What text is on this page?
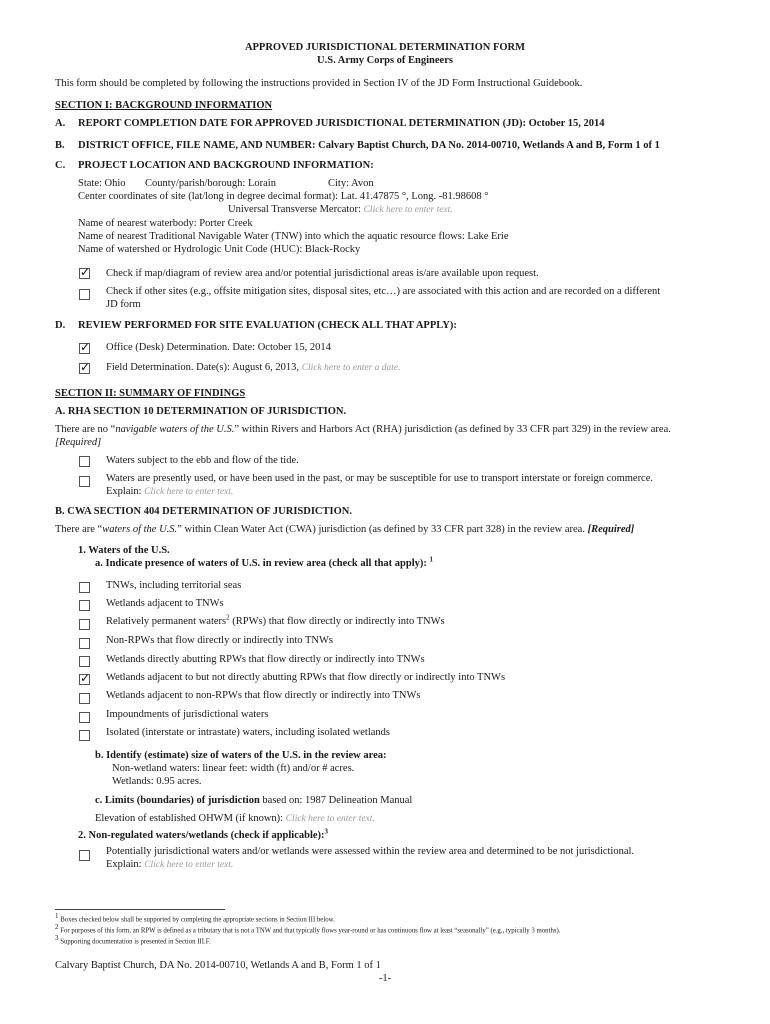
APPROVED JURISDICTIONAL DETERMINATION FORM
U.S. Army Corps of Engineers
This form should be completed by following the instructions provided in Section IV of the JD Form Instructional Guidebook.
SECTION I: BACKGROUND INFORMATION
A. REPORT COMPLETION DATE FOR APPROVED JURISDICTIONAL DETERMINATION (JD): October 15, 2014
B. DISTRICT OFFICE, FILE NAME, AND NUMBER: Calvary Baptist Church, DA No. 2014-00710, Wetlands A and B, Form 1 of 1
C. PROJECT LOCATION AND BACKGROUND INFORMATION:
State: Ohio County/parish/borough: Lorain	City: Avon
Center coordinates of site (lat/long in degree decimal format): Lat. 41.47875 °, Long. -81.98608 °
Universal Transverse Mercator: Click here to enter text.
Name of nearest waterbody: Porter Creek
Name of nearest Traditional Navigable Water (TNW) into which the aquatic resource flows: Lake Erie
Name of watershed or Hydrologic Unit Code (HUC): Black-Rocky
✓ Check if map/diagram of review area and/or potential jurisdictional areas is/are available upon request.
Check if other sites (e.g., offsite mitigation sites, disposal sites, etc…) are associated with this action and are recorded on a different
JD form
D. REVIEW PERFORMED FOR SITE EVALUATION (CHECK ALL THAT APPLY):
✓ Office (Desk) Determination. Date: October 15, 2014
✓ Field Determination. Date(s): August 6, 2013, Click here to enter a date.
SECTION II: SUMMARY OF FINDINGS
A. RHA SECTION 10 DETERMINATION OF JURISDICTION.
There are no “navigable waters of the U.S.” within Rivers and Harbors Act (RHA) jurisdiction (as defined by 33 CFR part 329) in the review area.
[Required]
Waters subject to the ebb and flow of the tide.
Waters are presently used, or have been used in the past, or may be susceptible for use to transport interstate or foreign commerce.
Explain: Click here to enter text.
B. CWA SECTION 404 DETERMINATION OF JURISDICTION.
There are “waters of the U.S.” within Clean Water Act (CWA) jurisdiction (as defined by 33 CFR part 328) in the review area. [Required]
1. Waters of the U.S.
a. Indicate presence of waters of U.S. in review area (check all that apply): $^1$
TNWs, including territorial seas
Wetlands adjacent to TNWs
Relatively permanent waters$^2$ (RPWs) that flow directly or indirectly into TNWs
Non-RPWs that flow directly or indirectly into TNWs
Wetlands directly abutting RPWs that flow directly or indirectly into TNWs
✓ Wetlands adjacent to but not directly abutting RPWs that flow directly or indirectly into TNWs
Wetlands adjacent to non-RPWs that flow directly or indirectly into TNWs
Impoundments of jurisdictional waters
Isolated (interstate or intrastate) waters, including isolated wetlands
b. Identify (estimate) size of waters of the U.S. in the review area:
Non-wetland waters: linear feet: width (ft) and/or # acres.
Wetlands: 0.95 acres.
c. Limits (boundaries) of jurisdiction based on: 1987 Delineation Manual
Elevation of established OHWM (if known): Click here to enter text.
2. Non-regulated waters/wetlands (check if applicable):$^3$
Potentially jurisdictional waters and/or wetlands were assessed within the review area and determined to be not jurisdictional.
Explain: Click here to enter text.
$^1$ Boxes checked below shall be supported by completing the appropriate sections in Section III below.
$^2$ For purposes of this form, an RPW is defined as a tributary that is not a TNW and that typically flows year-round or has continuous flow at least “seasonally” (e.g., typically 3 months).
$^3$ Supporting documentation is presented in Section III.F.
Calvary Baptist Church, DA No. 2014-00710, Wetlands A and B, Form 1 of 1
-1-
